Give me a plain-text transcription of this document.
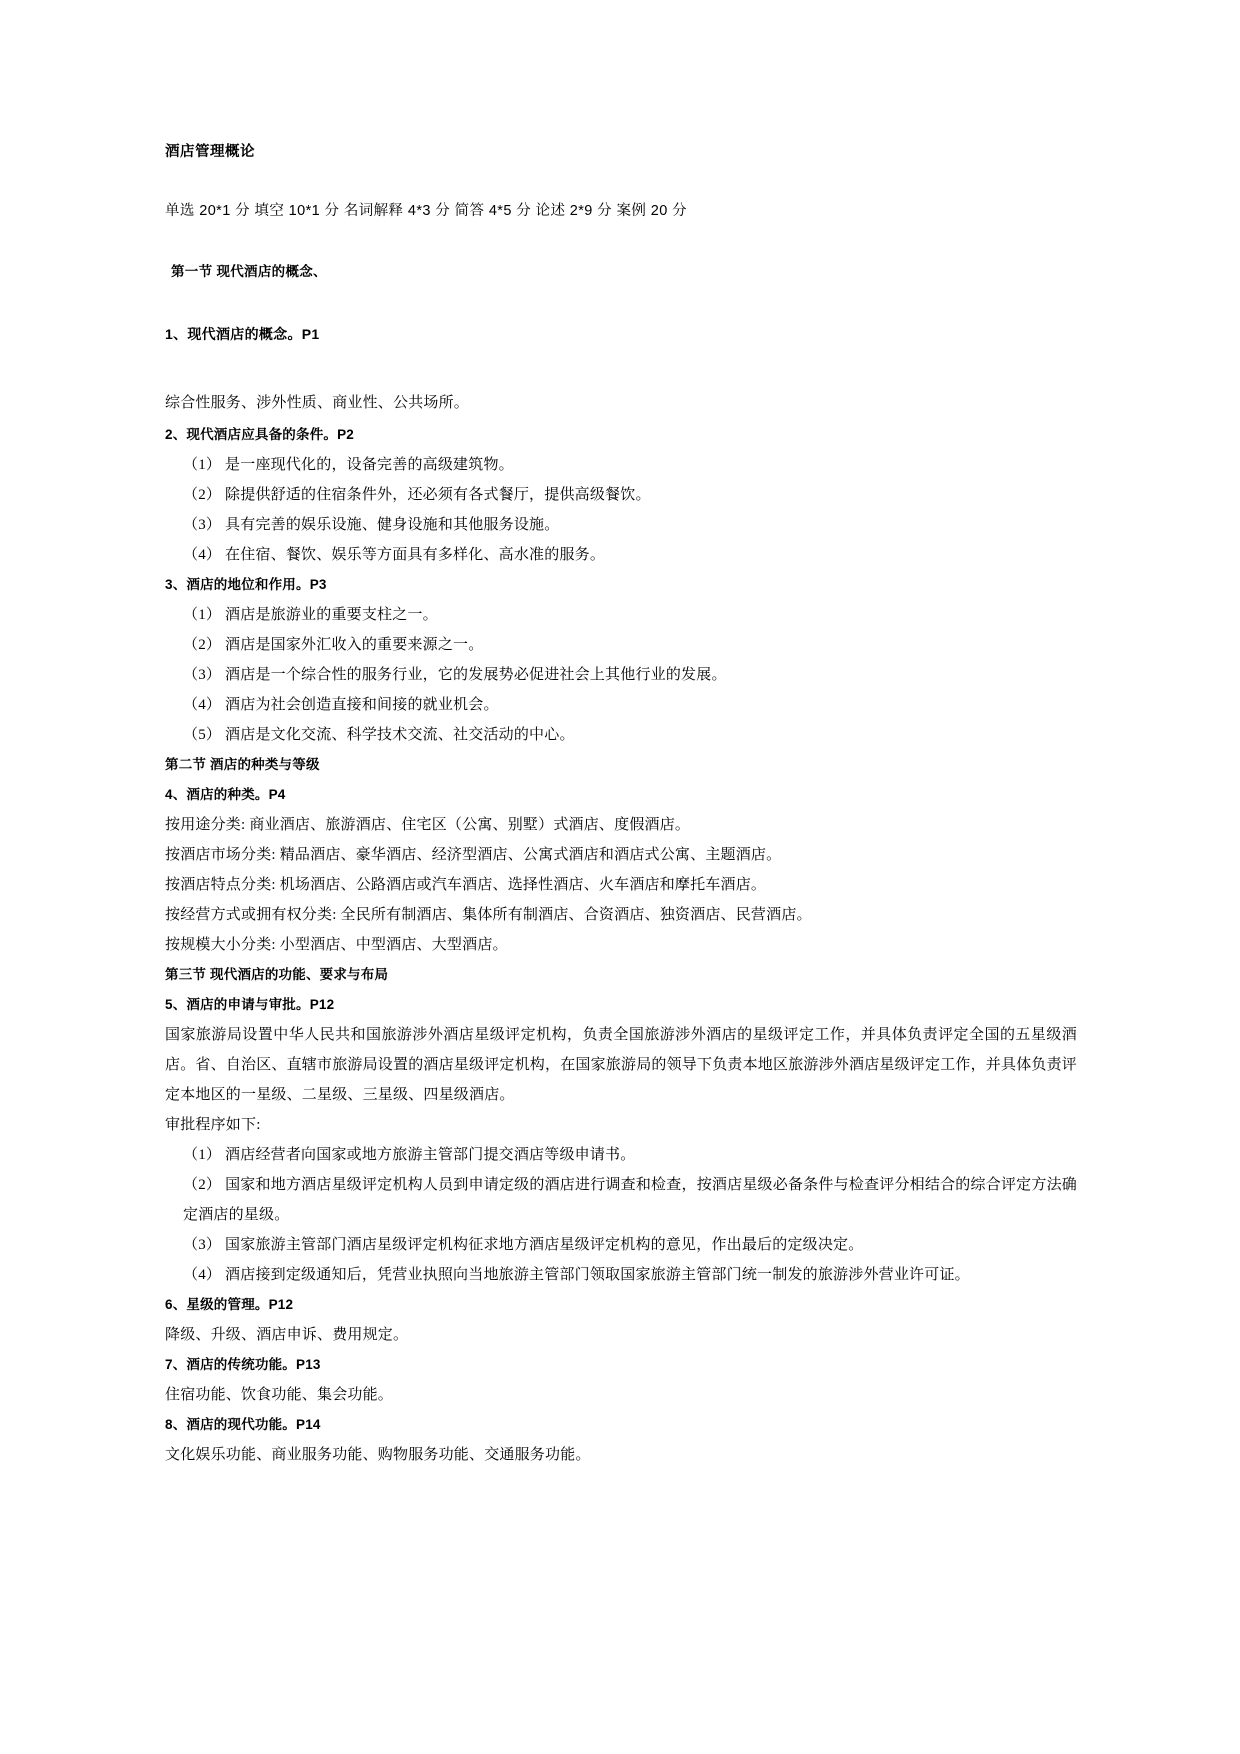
酒店管理概论
单选 20*1 分 填空 10*1 分 名词解释 4*3 分 简答 4*5 分 论述 2*9 分 案例 20 分
第一节 现代酒店的概念、
1、现代酒店的概念。P1
综合性服务、涉外性质、商业性、公共场所。
2、现代酒店应具备的条件。P2
（1） 是一座现代化的，设备完善的高级建筑物。
（2） 除提供舒适的住宿条件外，还必须有各式餐厅，提供高级餐饮。
（3） 具有完善的娱乐设施、健身设施和其他服务设施。
（4） 在住宿、餐饮、娱乐等方面具有多样化、高水准的服务。
3、酒店的地位和作用。P3
（1） 酒店是旅游业的重要支柱之一。
（2） 酒店是国家外汇收入的重要来源之一。
（3） 酒店是一个综合性的服务行业，它的发展势必促进社会上其他行业的发展。
（4） 酒店为社会创造直接和间接的就业机会。
（5） 酒店是文化交流、科学技术交流、社交活动的中心。
第二节 酒店的种类与等级
4、酒店的种类。P4
按用途分类: 商业酒店、旅游酒店、住宅区（公寓、别墅）式酒店、度假酒店。
按酒店市场分类: 精品酒店、豪华酒店、经济型酒店、公寓式酒店和酒店式公寓、主题酒店。
按酒店特点分类: 机场酒店、公路酒店或汽车酒店、选择性酒店、火车酒店和摩托车酒店。
按经营方式或拥有权分类: 全民所有制酒店、集体所有制酒店、合资酒店、独资酒店、民营酒店。
按规模大小分类: 小型酒店、中型酒店、大型酒店。
第三节 现代酒店的功能、要求与布局
5、酒店的申请与审批。P12
国家旅游局设置中华人民共和国旅游涉外酒店星级评定机构，负责全国旅游涉外酒店的星级评定工作，并具体负责评定全国的五星级酒店。省、自治区、直辖市旅游局设置的酒店星级评定机构，在国家旅游局的领导下负责本地区旅游涉外酒店星级评定工作，并具体负责评定本地区的一星级、二星级、三星级、四星级酒店。
审批程序如下:
（1） 酒店经营者向国家或地方旅游主管部门提交酒店等级申请书。
（2） 国家和地方酒店星级评定机构人员到申请定级的酒店进行调查和检查，按酒店星级必备条件与检查评分相结合的综合评定方法确定酒店的星级。
（3） 国家旅游主管部门酒店星级评定机构征求地方酒店星级评定机构的意见，作出最后的定级决定。
（4） 酒店接到定级通知后，凭营业执照向当地旅游主管部门领取国家旅游主管部门统一制发的旅游涉外营业许可证。
6、星级的管理。P12
降级、升级、酒店申诉、费用规定。
7、酒店的传统功能。P13
住宿功能、饮食功能、集会功能。
8、酒店的现代功能。P14
文化娱乐功能、商业服务功能、购物服务功能、交通服务功能。
